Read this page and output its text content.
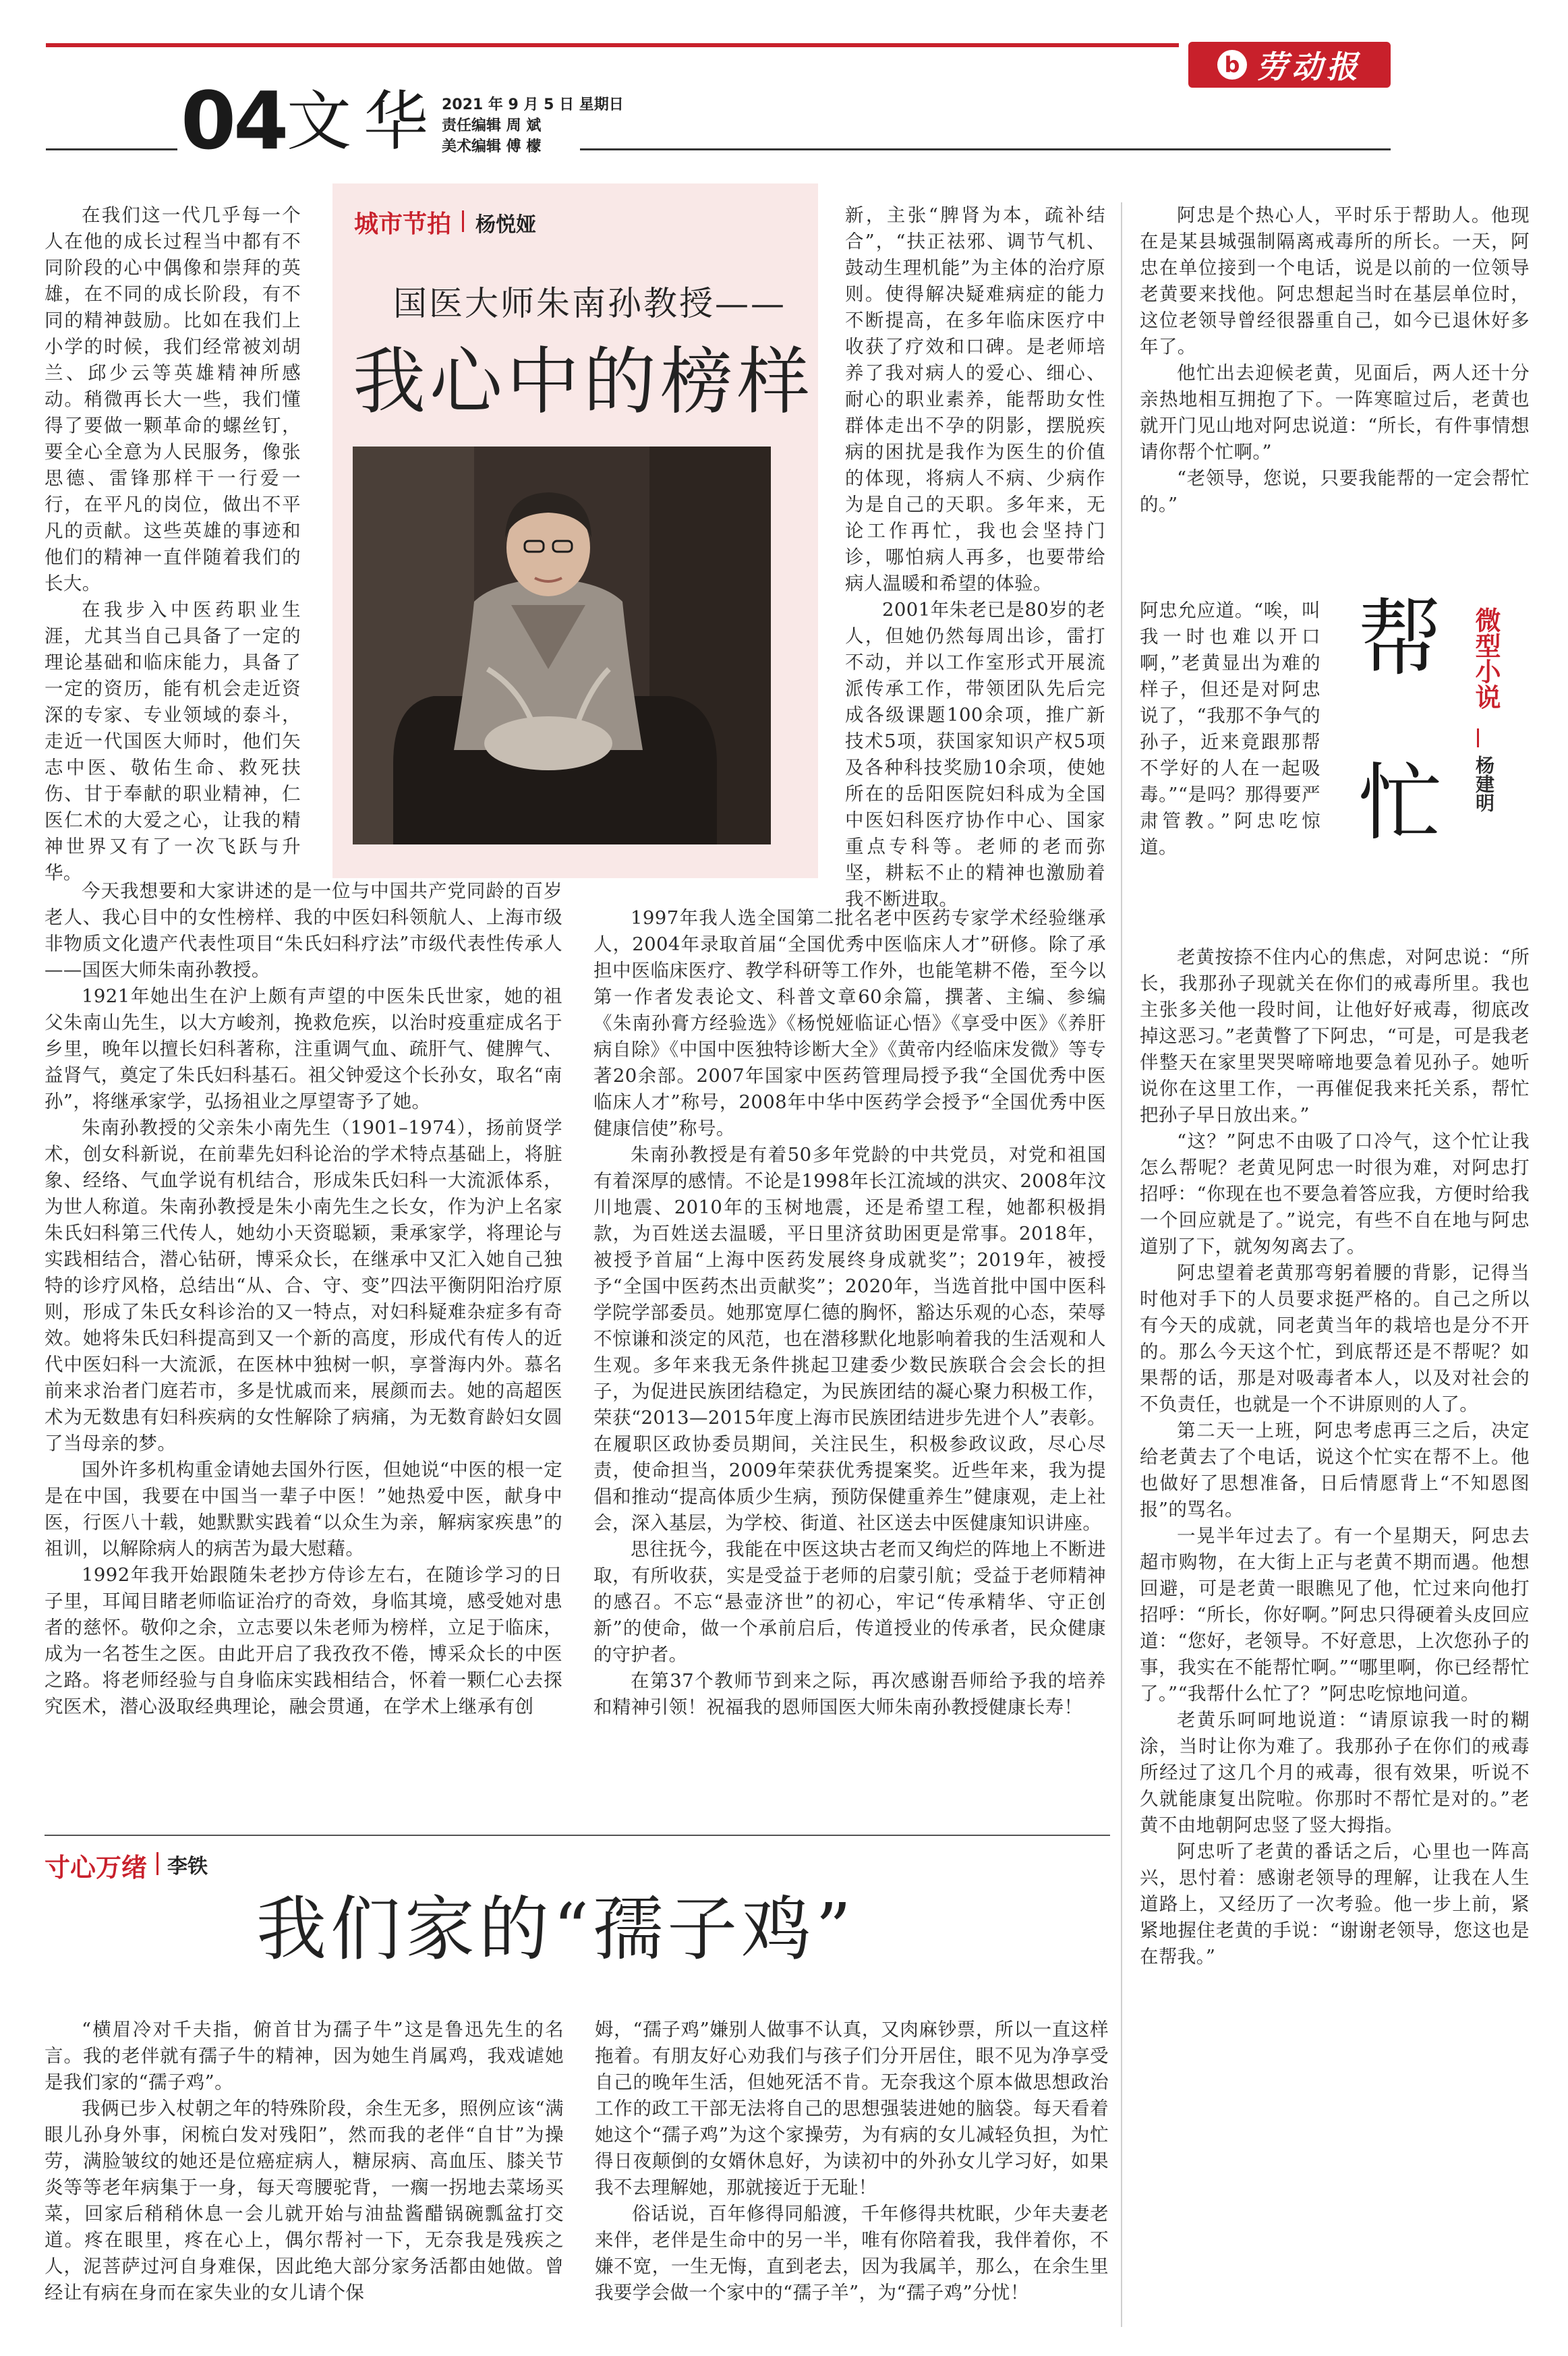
b 劳动报
04 文华 2021 年 9 月 5 日 星期日
责任编辑 周 斌
美术编辑 傅 檬

在我们这一代几乎每一个人在他的成长过程当中都有不同阶段的心中偶像和崇拜的英雄，在不同的成长阶段，有不同的精神鼓励。比如在我们上小学的时候，我们经常被刘胡兰、邱少云等英雄精神所感动。稍微再长大一些，我们懂得了要做一颗革命的螺丝钉，要全心全意为人民服务，像张思德、雷锋那样干一行爱一行，在平凡的岗位，做出不平凡的贡献。这些英雄的事迹和他们的精神一直伴随着我们的长大。

在我步入中医药职业生涯，尤其当自己具备了一定的理论基础和临床能力，具备了一定的资历，能有机会走近资深的专家、专业领域的泰斗，走近一代国医大师时，他们矢志中医、敬佑生命、救死扶伤、甘于奉献的职业精神，仁医仁术的大爱之心，让我的精神世界又有了一次飞跃与升华。

城市节拍 杨悦娅
国医大师朱南孙教授——
我心中的榜样

今天我想要和大家讲述的是一位与中国共产党同龄的百岁老人、我心目中的女性榜样、我的中医妇科领航人、上海市级非物质文化遗产代表性项目“朱氏妇科疗法”市级代表性传承人——国医大师朱南孙教授。

1921年她出生在沪上颇有声望的中医朱氏世家，她的祖父朱南山先生，以大方峻剂，挽救危疾，以治时疫重症成名于乡里，晚年以擅长妇科著称，注重调气血、疏肝气、健脾气、益肾气，奠定了朱氏妇科基石。祖父钟爱这个长孙女，取名“南孙”，将继承家学，弘扬祖业之厚望寄予了她。

朱南孙教授的父亲朱小南先生（1901–1974），扬前贤学术，创女科新说，在前辈先妇科论治的学术特点基础上，将脏象、经络、气血学说有机结合，形成朱氏妇科一大流派体系，为世人称道。朱南孙教授是朱小南先生之长女，作为沪上名家朱氏妇科第三代传人，她幼小天资聪颖，秉承家学，将理论与实践相结合，潜心钻研，博采众长，在继承中又汇入她自己独特的诊疗风格，总结出“从、合、守、变”四法平衡阴阳治疗原则，形成了朱氏女科诊治的又一特点，对妇科疑难杂症多有奇效。她将朱氏妇科提高到又一个新的高度，形成代有传人的近代中医妇科一大流派，在医林中独树一帜，享誉海内外。慕名前来求治者门庭若市，多是忧戚而来，展颜而去。她的高超医术为无数患有妇科疾病的女性解除了病痛，为无数育龄妇女圆了当母亲的梦。

国外许多机构重金请她去国外行医，但她说“中医的根一定是在中国，我要在中国当一辈子中医！”她热爱中医，献身中医，行医八十载，她默默实践着“以众生为亲，解病家疾患”的祖训，以解除病人的病苦为最大慰藉。

1992年我开始跟随朱老抄方侍诊左右，在随诊学习的日子里，耳闻目睹老师临证治疗的奇效，身临其境，感受她对患者的慈怀。敬仰之余，立志要以朱老师为榜样，立足于临床，成为一名苍生之医。由此开启了我孜孜不倦，博采众长的中医之路。将老师经验与自身临床实践相结合，怀着一颗仁心去探究医术，潜心汲取经典理论，融会贯通，在学术上继承有创

新，主张“脾肾为本，疏补结合”，“扶正祛邪、调节气机、鼓动生理机能”为主体的治疗原则。使得解决疑难病症的能力不断提高，在多年临床医疗中收获了疗效和口碑。是老师培养了我对病人的爱心、细心、耐心的职业素养，能帮助女性群体走出不孕的阴影，摆脱疾病的困扰是我作为医生的价值的体现，将病人不病、少病作为是自己的天职。多年来，无论工作再忙，我也会坚持门诊，哪怕病人再多，也要带给病人温暖和希望的体验。

2001年朱老已是80岁的老人，但她仍然每周出诊，雷打不动，并以工作室形式开展流派传承工作，带领团队先后完成各级课题100余项，推广新技术5项，获国家知识产权5项及各种科技奖励10余项，使她所在的岳阳医院妇科成为全国中医妇科医疗协作中心、国家重点专科等。老师的老而弥坚，耕耘不止的精神也激励着我不断进取。

1997年我人选全国第二批名老中医药专家学术经验继承人，2004年录取首届“全国优秀中医临床人才”研修。除了承担中医临床医疗、教学科研等工作外，也能笔耕不倦，至今以第一作者发表论文、科普文章60余篇，撰著、主编、参编《朱南孙膏方经验选》《杨悦娅临证心悟》《享受中医》《养肝病自除》《中国中医独特诊断大全》《黄帝内经临床发微》等专著20余部。2007年国家中医药管理局授予我“全国优秀中医临床人才”称号，2008年中华中医药学会授予“全国优秀中医健康信使”称号。

朱南孙教授是有着50多年党龄的中共党员，对党和祖国有着深厚的感情。不论是1998年长江流域的洪灾、2008年汶川地震、2010年的玉树地震，还是希望工程，她都积极捐款，为百姓送去温暖，平日里济贫助困更是常事。2018年，被授予首届“上海中医药发展终身成就奖”；2019年，被授予“全国中医药杰出贡献奖”；2020年，当选首批中国中医科学院学部委员。她那宽厚仁德的胸怀，豁达乐观的心态，荣辱不惊谦和淡定的风范，也在潜移默化地影响着我的生活观和人生观。多年来我无条件挑起卫建委少数民族联合会会长的担子，为促进民族团结稳定，为民族团结的凝心聚力积极工作，荣获“2013—2015年度上海市民族团结进步先进个人”表彰。在履职区政协委员期间，关注民生，积极参政议政，尽心尽责，使命担当，2009年荣获优秀提案奖。近些年来，我为提倡和推动“提高体质少生病，预防保健重养生”健康观，走上社会，深入基层，为学校、街道、社区送去中医健康知识讲座。

思往抚今，我能在中医这块古老而又绚烂的阵地上不断进取，有所收获，实是受益于老师的启蒙引航；受益于老师精神的感召。不忘“悬壶济世”的初心，牢记“传承精华、守正创新”的使命，做一个承前启后，传道授业的传承者，民众健康的守护者。

在第37个教师节到来之际，再次感谢吾师给予我的培养和精神引领！祝福我的恩师国医大师朱南孙教授健康长寿！

寸心万绪 李铁
我们家的“孺子鸡”

“横眉冷对千夫指，俯首甘为孺子牛”这是鲁迅先生的名言。我的老伴就有孺子牛的精神，因为她生肖属鸡，我戏谑她是我们家的“孺子鸡”。

我俩已步入杖朝之年的特殊阶段，余生无多，照例应该“满眼儿孙身外事，闲梳白发对残阳”，然而我的老伴“自甘”为操劳，满脸皱纹的她还是位癌症病人，糖尿病、高血压、膝关节炎等等老年病集于一身，每天弯腰驼背，一瘸一拐地去菜场买菜，回家后稍稍休息一会儿就开始与油盐酱醋锅碗瓢盆打交道。疼在眼里，疼在心上，偶尔帮衬一下，无奈我是残疾之人，泥菩萨过河自身难保，因此绝大部分家务活都由她做。曾经让有病在身而在家失业的女儿请个保

姆，“孺子鸡”嫌别人做事不认真，又肉麻钞票，所以一直这样拖着。有朋友好心劝我们与孩子们分开居住，眼不见为净享受自己的晚年生活，但她死活不肯。无奈我这个原本做思想政治工作的政工干部无法将自己的思想强装进她的脑袋。每天看着她这个“孺子鸡”为这个家操劳，为有病的女儿减轻负担，为忙得日夜颠倒的女婿休息好，为读初中的外孙女儿学习好，如果我不去理解她，那就接近于无耻！

俗话说，百年修得同船渡，千年修得共枕眠，少年夫妻老来伴，老伴是生命中的另一半，唯有你陪着我，我伴着你，不嫌不宽，一生无悔，直到老去，因为我属羊，那么，在余生里我要学会做一个家中的“孺子羊”，为“孺子鸡”分忧！

阿忠是个热心人，平时乐于帮助人。他现在是某县城强制隔离戒毒所的所长。一天，阿忠在单位接到一个电话，说是以前的一位领导老黄要来找他。阿忠想起当时在基层单位时，这位老领导曾经很器重自己，如今已退休好多年了。

他忙出去迎候老黄，见面后，两人还十分亲热地相互拥抱了下。一阵寒暄过后，老黄也就开门见山地对阿忠说道：“所长，有件事情想请你帮个忙啊。”

“老领导，您说，只要我能帮的一定会帮忙的。”

阿忠允应道。“唉，叫我一时也难以开口啊，”老黄显出为难的样子，但还是对阿忠说了，“我那不争气的孙子，近来竟跟那帮不学好的人在一起吸毒。”“是吗？那得要严肃管教。”阿忠吃惊道。	帮忙 微型小说
杨建明

老黄按捺不住内心的焦虑，对阿忠说：“所长，我那孙子现就关在你们的戒毒所里。我也主张多关他一段时间，让他好好戒毒，彻底改掉这恶习。”老黄瞥了下阿忠，“可是，可是我老伴整天在家里哭哭啼啼地要急着见孙子。她听说你在这里工作，一再催促我来托关系，帮忙把孙子早日放出来。”

“这？”阿忠不由吸了口冷气，这个忙让我怎么帮呢？老黄见阿忠一时很为难，对阿忠打招呼：“你现在也不要急着答应我，方便时给我一个回应就是了。”说完，有些不自在地与阿忠道别了下，就匆匆离去了。

阿忠望着老黄那弯躬着腰的背影，记得当时他对手下的人员要求挺严格的。自己之所以有今天的成就，同老黄当年的栽培也是分不开的。那么今天这个忙，到底帮还是不帮呢？如果帮的话，那是对吸毒者本人，以及对社会的不负责任，也就是一个不讲原则的人了。

第二天一上班，阿忠考虑再三之后，决定给老黄去了个电话，说这个忙实在帮不上。他也做好了思想准备，日后情愿背上“不知恩图报”的骂名。

一晃半年过去了。有一个星期天，阿忠去超市购物，在大街上正与老黄不期而遇。他想回避，可是老黄一眼瞧见了他，忙过来向他打招呼：“所长，你好啊。”阿忠只得硬着头皮回应道：“您好，老领导。不好意思，上次您孙子的事，我实在不能帮忙啊。”“哪里啊，你已经帮忙了。”“我帮什么忙了？”阿忠吃惊地问道。

老黄乐呵呵地说道：“请原谅我一时的糊涂，当时让你为难了。我那孙子在你们的戒毒所经过了这几个月的戒毒，很有效果，听说不久就能康复出院啦。你那时不帮忙是对的。”老黄不由地朝阿忠竖了竖大拇指。

阿忠听了老黄的番话之后，心里也一阵高兴，思忖着：感谢老领导的理解，让我在人生道路上，又经历了一次考验。他一步上前，紧紧地握住老黄的手说：“谢谢老领导，您这也是在帮我。”
